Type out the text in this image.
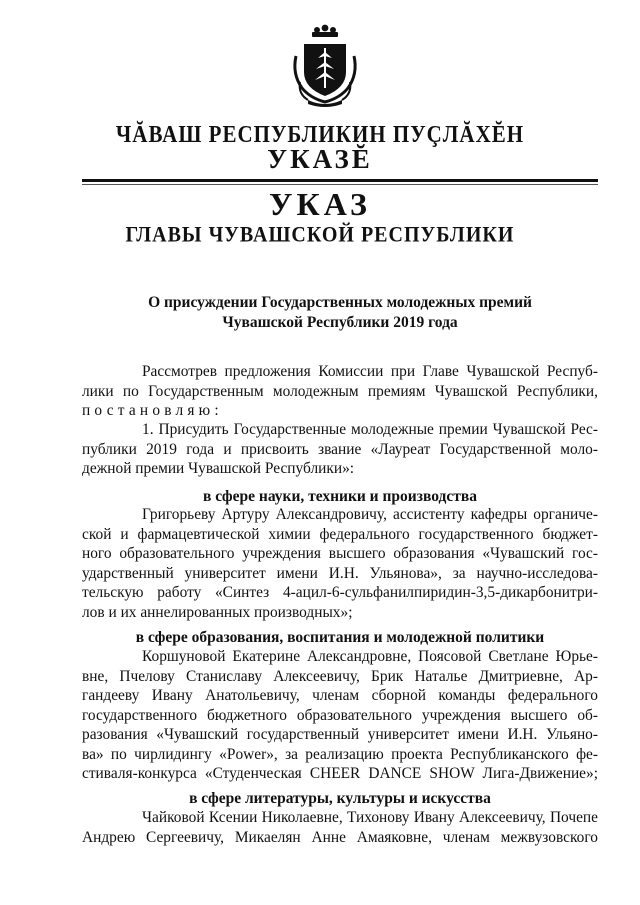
ЧĂВАШ РЕСПУБЛИКИН ПУÇЛĂХĔН
УКАЗĔ
УКАЗ
ГЛАВЫ ЧУВАШСКОЙ РЕСПУБЛИКИ
О присуждении Государственных молодежных премий
Чувашской Республики 2019 года
Рассмотрев предложения Комиссии при Главе Чувашской Респуб-
лики по Государственным молодежным премиям Чувашской Республики,
постановляю:
1. Присудить Государственные молодежные премии Чувашской Рес-
публики 2019 года и присвоить звание «Лауреат Государственной моло-
дежной премии Чувашской Республики»:
в сфере науки, техники и производства
Григорьеву Артуру Александровичу, ассистенту кафедры органиче-
ской и фармацевтической химии федерального государственного бюджет-
ного образовательного учреждения высшего образования «Чувашский гос-
ударственный университет имени И.Н. Ульянова», за научно-исследова-
тельскую работу «Синтез 4-ацил-6-сульфанилпиридин-3,5-дикарбонитри-
лов и их аннелированных производных»;
в сфере образования, воспитания и молодежной политики
Коршуновой Екатерине Александровне, Поясовой Светлане Юрье-
вне, Пчелову Станиславу Алексеевичу, Брик Наталье Дмитриевне, Ар-
гандееву Ивану Анатольевичу, членам сборной команды федерального
государственного бюджетного образовательного учреждения высшего об-
разования «Чувашский государственный университет имени И.Н. Ульяно-
ва» по чирлидингу «Power», за реализацию проекта Республиканского фе-
стиваля-конкурса «Студенческая CHEER DANCE SHOW Лига-Движение»;
в сфере литературы, культуры и искусства
Чайковой Ксении Николаевне, Тихонову Ивану Алексеевичу, Почепе
Андрею Сергеевичу, Микаелян Анне Амаяковне, членам межвузовского
